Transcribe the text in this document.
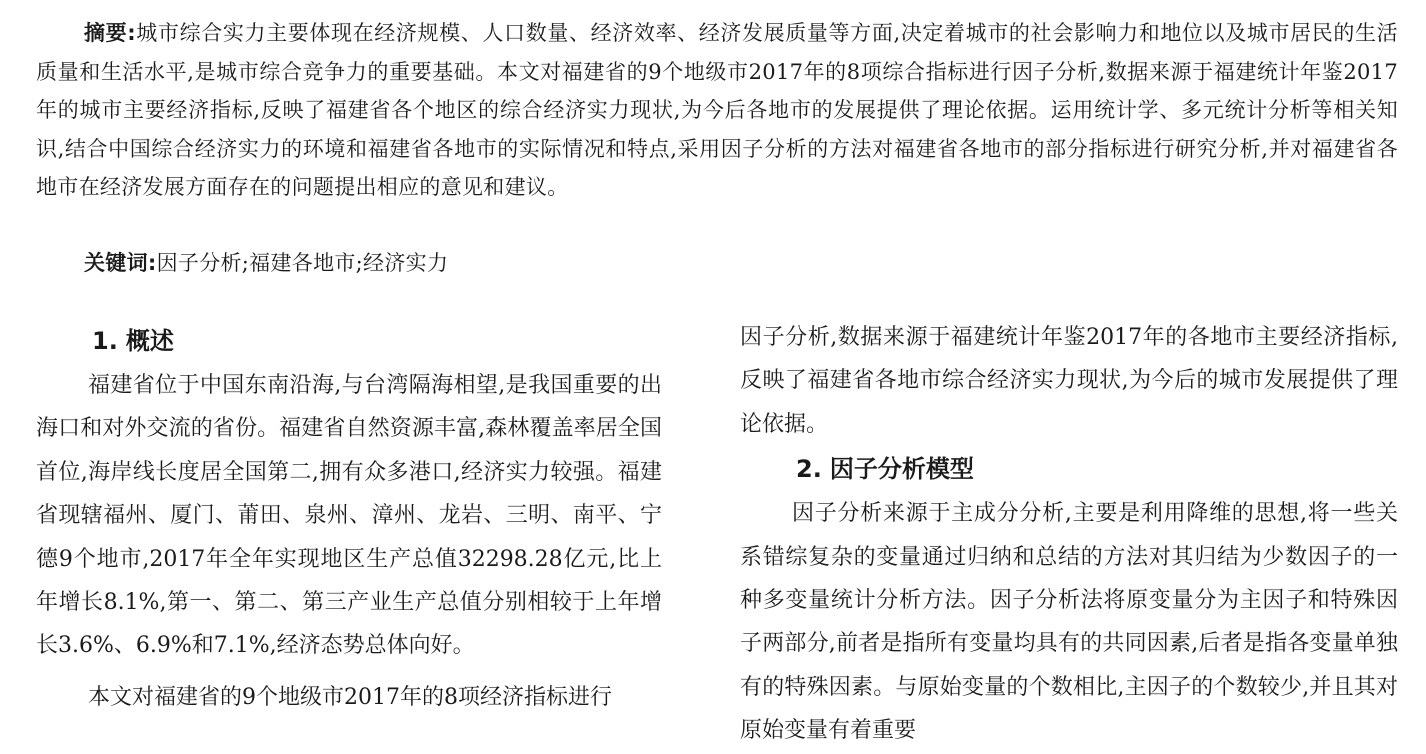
摘要:城市综合实力主要体现在经济规模、人口数量、经济效率、经济发展质量等方面,决定着城市的社会影响力和地位以及城市居民的生活质量和生活水平,是城市综合竞争力的重要基础。本文对福建省的9个地级市2017年的8项综合指标进行因子分析,数据来源于福建统计年鉴2017年的城市主要经济指标,反映了福建省各个地区的综合经济实力现状,为今后各地市的发展提供了理论依据。运用统计学、多元统计分析等相关知识,结合中国综合经济实力的环境和福建省各地市的实际情况和特点,采用因子分析的方法对福建省各地市的部分指标进行研究分析,并对福建省各地市在经济发展方面存在的问题提出相应的意见和建议。

关键词:因子分析;福建各地市;经济实力
1. 概述

福建省位于中国东南沿海,与台湾隔海相望,是我国重要的出海口和对外交流的省份。福建省自然资源丰富,森林覆盖率居全国首位,海岸线长度居全国第二,拥有众多港口,经济实力较强。福建省现辖福州、厦门、莆田、泉州、漳州、龙岩、三明、南平、宁德9个地市,2017年全年实现地区生产总值32298.28亿元,比上年增长8.1%,第一、第二、第三产业生产总值分别相较于上年增长3.6%、6.9%和7.1%,经济态势总体向好。

本文对福建省的9个地级市2017年的8项经济指标进行

因子分析,数据来源于福建统计年鉴2017年的各地市主要经济指标,反映了福建省各地市综合经济实力现状,为今后的城市发展提供了理论依据。

2. 因子分析模型

因子分析来源于主成分分析,主要是利用降维的思想,将一些关系错综复杂的变量通过归纳和总结的方法对其归结为少数因子的一种多变量统计分析方法。因子分析法将原变量分为主因子和特殊因子两部分,前者是指所有变量均具有的共同因素,后者是指各变量单独有的特殊因素。与原始变量的个数相比,主因子的个数较少,并且其对原始变量有着重要
